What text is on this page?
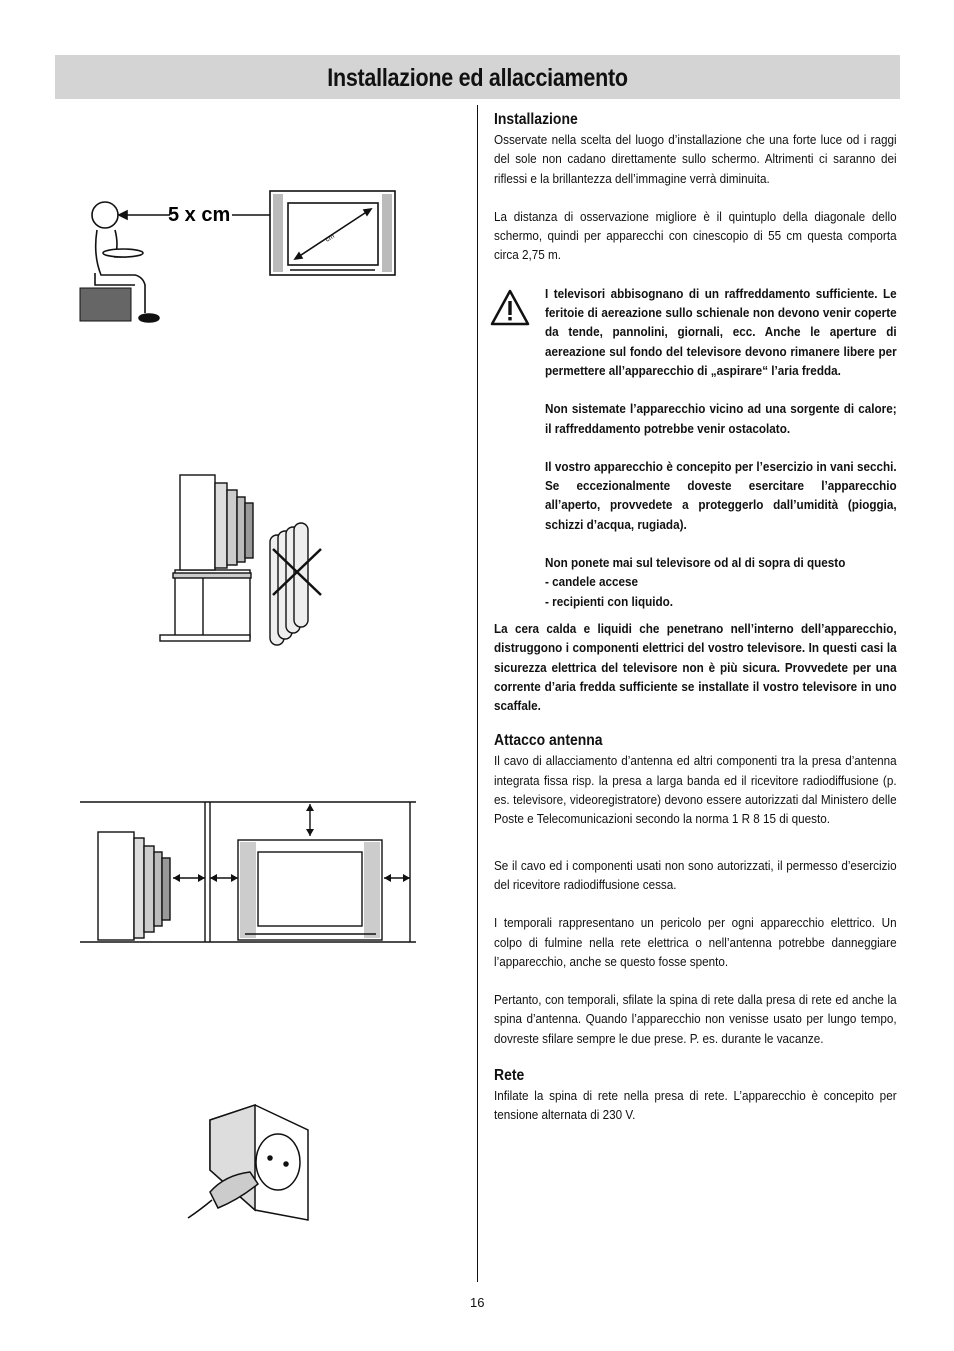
Installazione ed allacciamento
5 x cm
cm
Installazione

Osservate nella scelta del luogo d’installazione che una forte luce od i raggi del sole non cadano direttamente sullo schermo. Altrimenti ci saranno dei riflessi e la brillantezza dell’immagine verrà diminuita.

La distanza di osservazione migliore è il quintuplo della diagonale dello schermo, quindi per apparecchi con cinescopio di 55 cm questa comporta circa 2,75 m.

I televisori abbisognano di un raffreddamento sufficiente. Le feritoie di aereazione sullo schienale non devono venir coperte da tende, pannolini, giornali, ecc. Anche le aperture di aereazione sul fondo del televisore devono rimanere libere per permettere all’apparecchio di „aspirare“ l’aria fredda.

Non sistemate l’apparecchio vicino ad una sorgente di calore; il raffreddamento potrebbe venir ostacolato.

Il vostro apparecchio è concepito per l’esercizio in vani secchi. Se eccezionalmente doveste esercitare l’apparecchio all’aperto, provvedete a proteggerlo dall’umidità (pioggia, schizzi d’acqua, rugiada).

Non ponete mai sul televisore od al di sopra di questo

- candele accese

- recipienti con liquido.

La cera calda e liquidi che penetrano nell’interno dell’apparecchio, distruggono i componenti elettrici del vostro televisore. In questi casi la sicurezza elettrica del televisore non è più sicura. Provvedete per una corrente d’aria fredda sufficiente se installate il vostro televisore in uno scaffale.

Attacco antenna

Il cavo di allacciamento d’antenna ed altri componenti tra la presa d’antenna integrata fissa risp. la presa a larga banda ed il ricevitore radiodiffusione (p. es. televisore, videoregistratore) devono essere autorizzati dal Ministero delle Poste e Telecomunicazioni secondo la norma 1 R 8 15 di questo.

Se il cavo ed i componenti usati non sono autorizzati, il permesso d’esercizio del ricevitore radiodiffusione cessa.

I temporali rappresentano un pericolo per ogni apparecchio elettrico. Un colpo di fulmine nella rete elettrica o nell’antenna potrebbe danneggiare l’apparecchio, anche se questo fosse spento.

Pertanto, con temporali, sfilate la spina di rete dalla presa di rete ed anche la spina d’antenna. Quando l’apparecchio non venisse usato per lungo tempo, dovreste sfilare sempre le due prese. P. es. durante le vacanze.

Rete

Infilate la spina di rete nella presa di rete. L’apparecchio è concepito per tensione alternata di 230 V.

16
